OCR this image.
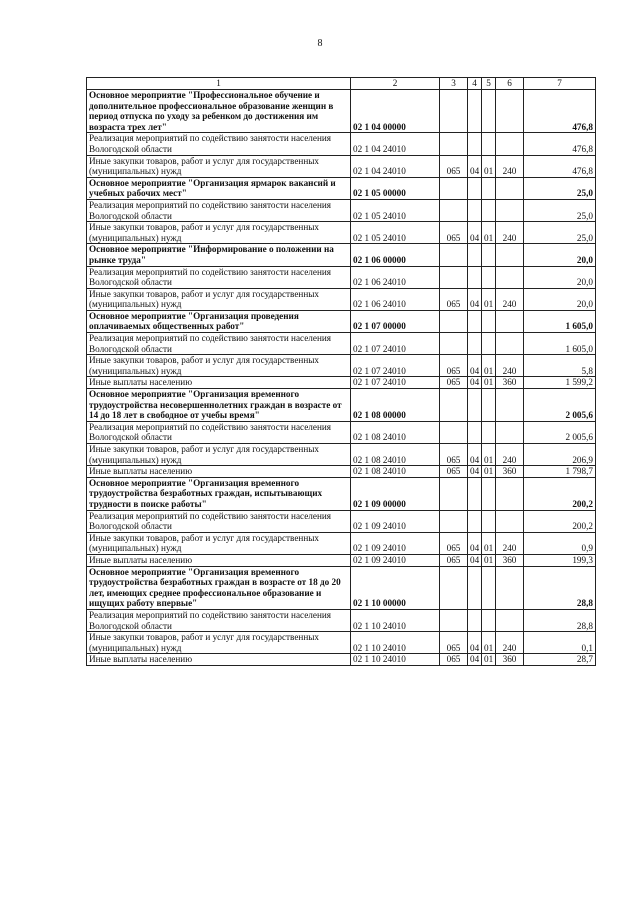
8
1	2	3	4	5	6	7
Основное мероприятие "Профессиональное обучение и дополнительное профессиональное образование женщин в период отпуска по уходу за ребенком до достижения им возраста трех лет"	02 1 04 00000					476,8
Реализация мероприятий по содействию занятости населения Вологодской области	02 1 04 24010					476,8
Иные закупки товаров, работ и услуг для государственных (муниципальных) нужд	02 1 04 24010	065	04	01	240	476,8
Основное мероприятие "Организация ярмарок вакансий и учебных рабочих мест"	02 1 05 00000					25,0
Реализация мероприятий по содействию занятости населения Вологодской области	02 1 05 24010					25,0
Иные закупки товаров, работ и услуг для государственных (муниципальных) нужд	02 1 05 24010	065	04	01	240	25,0
Основное мероприятие "Информирование о положении на рынке труда"	02 1 06 00000					20,0
Реализация мероприятий по содействию занятости населения Вологодской области	02 1 06 24010					20,0
Иные закупки товаров, работ и услуг для государственных (муниципальных) нужд	02 1 06 24010	065	04	01	240	20,0
Основное мероприятие "Организация проведения оплачиваемых общественных работ"	02 1 07 00000					1 605,0
Реализация мероприятий по содействию занятости населения Вологодской области	02 1 07 24010					1 605,0
Иные закупки товаров, работ и услуг для государственных (муниципальных) нужд	02 1 07 24010	065	04	01	240	5,8
Иные выплаты населению	02 1 07 24010	065	04	01	360	1 599,2
Основное мероприятие "Организация временного трудоустройства несовершеннолетних граждан в возрасте от 14 до 18 лет в свободное от учебы время"	02 1 08 00000					2 005,6
Реализация мероприятий по содействию занятости населения Вологодской области	02 1 08 24010					2 005,6
Иные закупки товаров, работ и услуг для государственных (муниципальных) нужд	02 1 08 24010	065	04	01	240	206,9
Иные выплаты населению	02 1 08 24010	065	04	01	360	1 798,7
Основное мероприятие "Организация временного трудоустройства безработных граждан, испытывающих трудности в поиске работы"	02 1 09 00000					200,2
Реализация мероприятий по содействию занятости населения Вологодской области	02 1 09 24010					200,2
Иные закупки товаров, работ и услуг для государственных (муниципальных) нужд	02 1 09 24010	065	04	01	240	0,9
Иные выплаты населению	02 1 09 24010	065	04	01	360	199,3
Основное мероприятие "Организация временного трудоустройства безработных граждан в возрасте от 18 до 20 лет, имеющих среднее профессиональное образование и ищущих работу впервые"	02 1 10 00000					28,8
Реализация мероприятий по содействию занятости населения Вологодской области	02 1 10 24010					28,8
Иные закупки товаров, работ и услуг для государственных (муниципальных) нужд	02 1 10 24010	065	04	01	240	0,1
Иные выплаты населению	02 1 10 24010	065	04	01	360	28,7
